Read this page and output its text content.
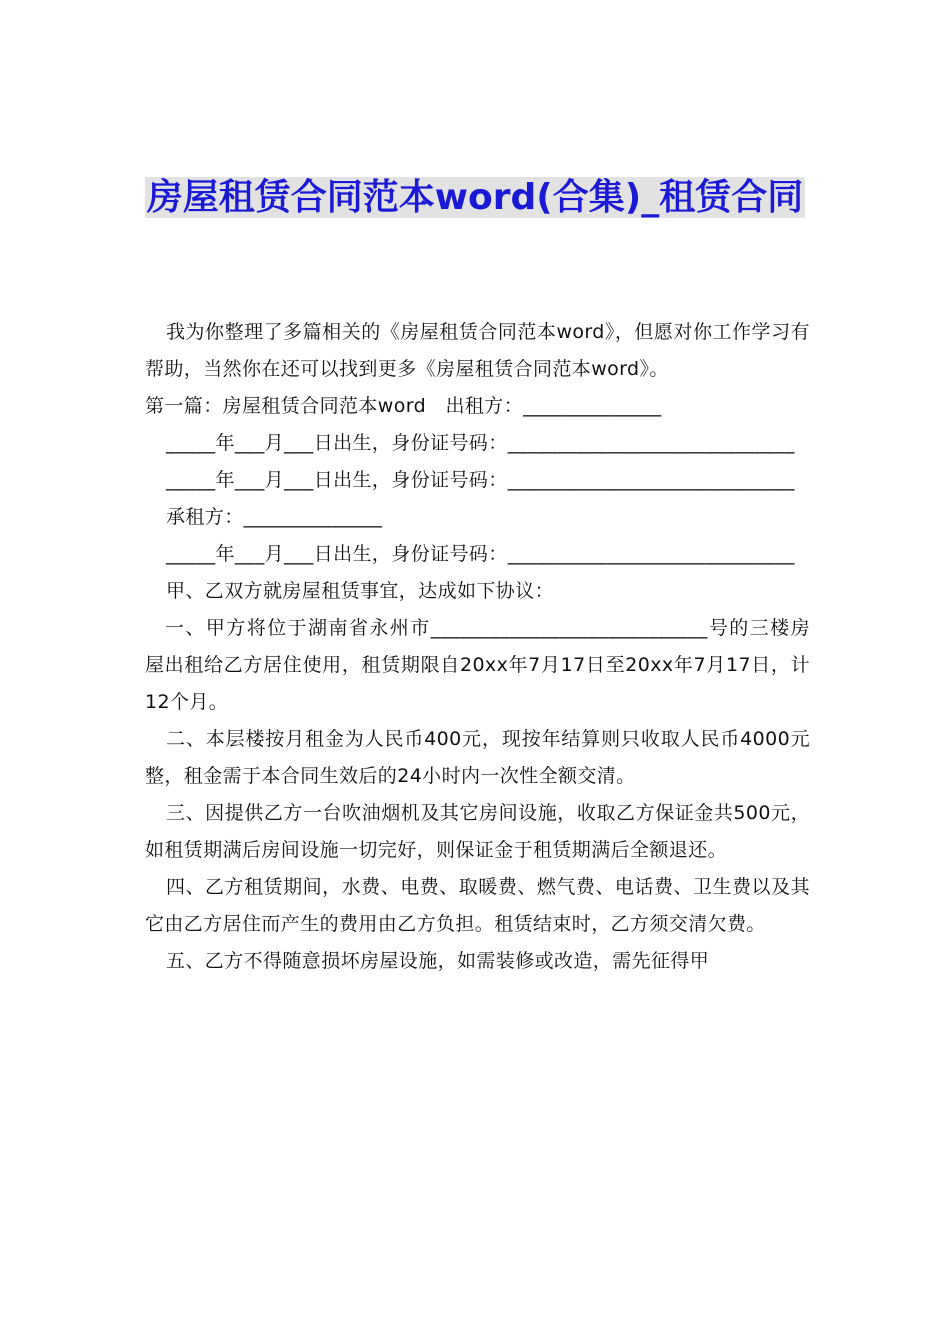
房屋租赁合同范本word(合集)_租赁合同

我为你整理了多篇相关的《房屋租赁合同范本word》，但愿对你工作学习有帮助，当然你在还可以找到更多《房屋租赁合同范本word》。

第一篇：房屋租赁合同范本word　出租方：______________

_____年___月___日出生，身份证号码：_____________________________

_____年___月___日出生，身份证号码：_____________________________

承租方：______________

_____年___月___日出生，身份证号码：_____________________________

甲、乙双方就房屋租赁事宜，达成如下协议：

一、甲方将位于湖南省永州市____________________________号的三楼房屋出租给乙方居住使用，租赁期限自20xx年7月17日至20xx年7月17日，计12个月。

二、本层楼按月租金为人民币400元，现按年结算则只收取人民币4000元整，租金需于本合同生效后的24小时内一次性全额交清。

三、因提供乙方一台吹油烟机及其它房间设施，收取乙方保证金共500元，如租赁期满后房间设施一切完好，则保证金于租赁期满后全额退还。

四、乙方租赁期间，水费、电费、取暖费、燃气费、电话费、卫生费以及其它由乙方居住而产生的费用由乙方负担。租赁结束时，乙方须交清欠费。

五、乙方不得随意损坏房屋设施，如需装修或改造，需先征得甲
